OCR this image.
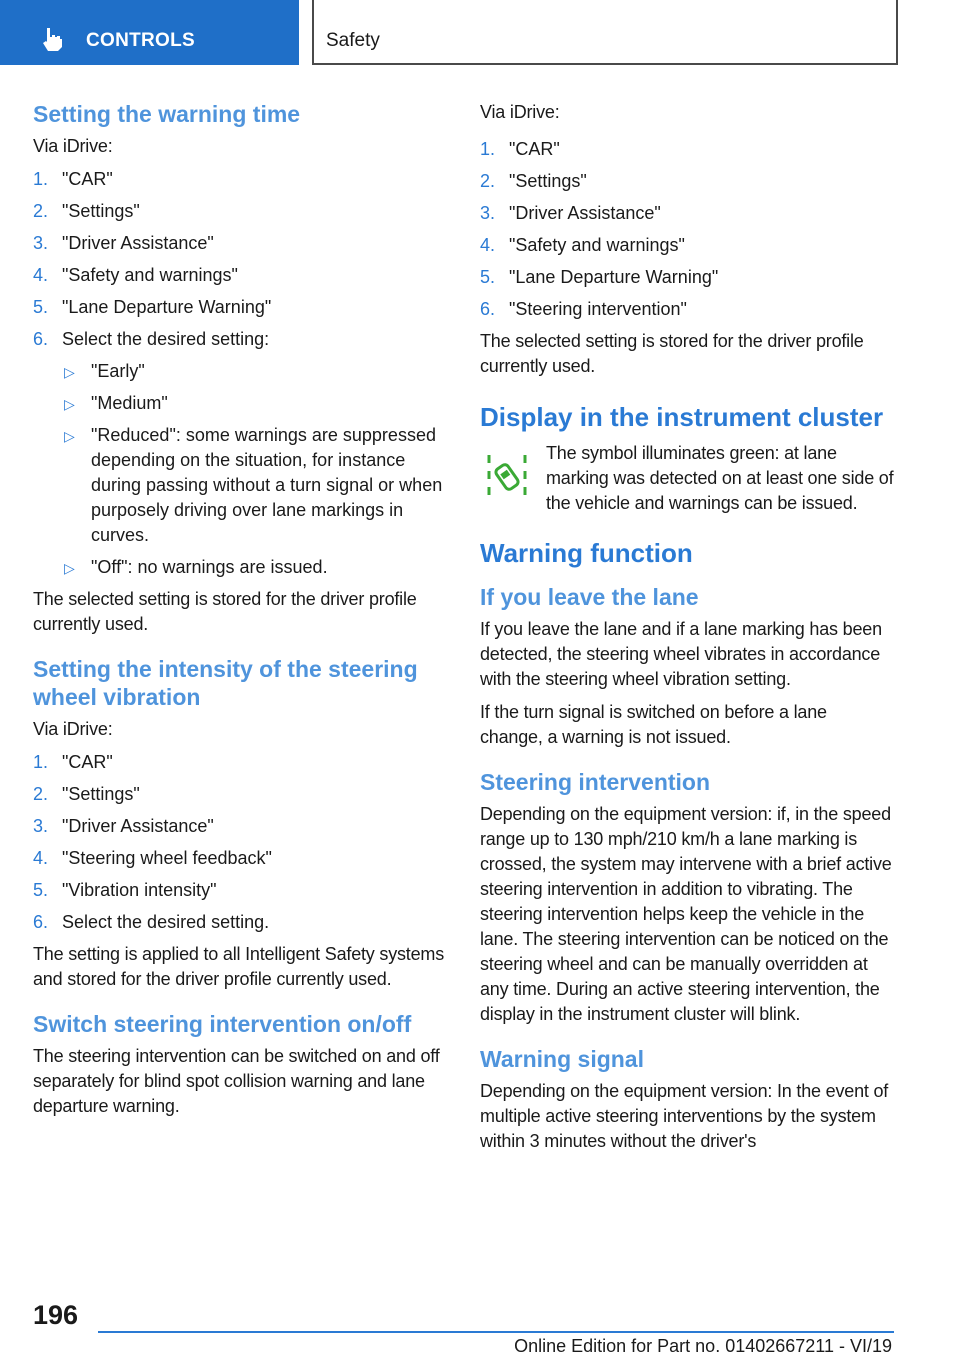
CONTROLS	Safety
Setting the warning time
Via iDrive:
1. "CAR"
2. "Settings"
3. "Driver Assistance"
4. "Safety and warnings"
5. "Lane Departure Warning"
6. Select the desired setting:
▷ "Early"
▷ "Medium"
▷ "Reduced": some warnings are suppressed depending on the situation, for instance during passing without a turn signal or when purposely driving over lane markings in curves.
▷ "Off": no warnings are issued.
The selected setting is stored for the driver profile currently used.
Setting the intensity of the steering wheel vibration
Via iDrive:
1. "CAR"
2. "Settings"
3. "Driver Assistance"
4. "Steering wheel feedback"
5. "Vibration intensity"
6. Select the desired setting.
The setting is applied to all Intelligent Safety systems and stored for the driver profile currently used.
Switch steering intervention on/off
The steering intervention can be switched on and off separately for blind spot collision warning and lane departure warning.
Via iDrive:
1. "CAR"
2. "Settings"
3. "Driver Assistance"
4. "Safety and warnings"
5. "Lane Departure Warning"
6. "Steering intervention"
The selected setting is stored for the driver profile currently used.
Display in the instrument cluster
The symbol illuminates green: at lane marking was detected on at least one side of the vehicle and warnings can be issued.
Warning function
If you leave the lane
If you leave the lane and if a lane marking has been detected, the steering wheel vibrates in accordance with the steering wheel vibration setting.
If the turn signal is switched on before a lane change, a warning is not issued.
Steering intervention
Depending on the equipment version: if, in the speed range up to 130 mph/210 km/h a lane marking is crossed, the system may intervene with a brief active steering intervention in addition to vibrating. The steering intervention helps keep the vehicle in the lane. The steering intervention can be noticed on the steering wheel and can be manually overridden at any time. During an active steering intervention, the display in the instrument cluster will blink.
Warning signal
Depending on the equipment version: In the event of multiple active steering interventions by the system within 3 minutes without the driver's
196
Online Edition for Part no. 01402667211 - VI/19
